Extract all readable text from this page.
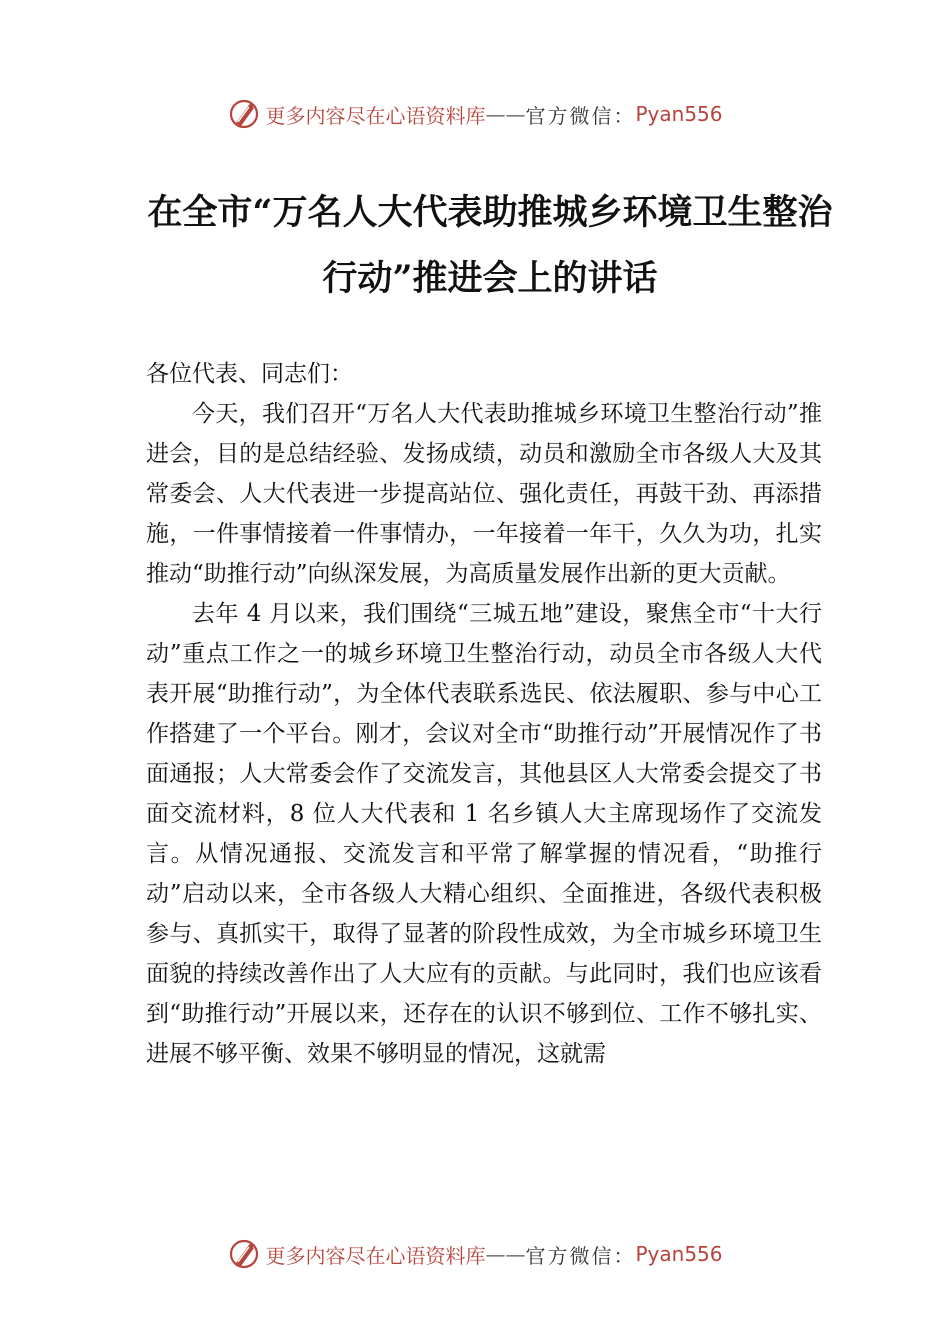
更多内容尽在心语资料库 —— 官方微信： Pyan556
在全市“万名人大代表助推城乡环境卫生整治行动”推进会上的讲话

各位代表、同志们：

今天，我们召开“万名人大代表助推城乡环境卫生整治行动”推进会，目的是总结经验、发扬成绩，动员和激励全市各级人大及其常委会、人大代表进一步提高站位、强化责任，再鼓干劲、再添措施，一件事情接着一件事情办，一年接着一年干，久久为功，扎实推动“助推行动”向纵深发展，为高质量发展作出新的更大贡献。

去年 4 月以来，我们围绕“三城五地”建设，聚焦全市“十大行动”重点工作之一的城乡环境卫生整治行动，动员全市各级人大代表开展“助推行动”，为全体代表联系选民、依法履职、参与中心工作搭建了一个平台。刚才，会议对全市“助推行动”开展情况作了书面通报；人大常委会作了交流发言，其他县区人大常委会提交了书面交流材料，8 位人大代表和 1 名乡镇人大主席现场作了交流发言。从情况通报、交流发言和平常了解掌握的情况看，“助推行动”启动以来，全市各级人大精心组织、全面推进，各级代表积极参与、真抓实干，取得了显著的阶段性成效，为全市城乡环境卫生面貌的持续改善作出了人大应有的贡献。与此同时，我们也应该看到“助推行动”开展以来，还存在的认识不够到位、工作不够扎实、进展不够平衡、效果不够明显的情况，这就需

更多内容尽在心语资料库 —— 官方微信： Pyan556
